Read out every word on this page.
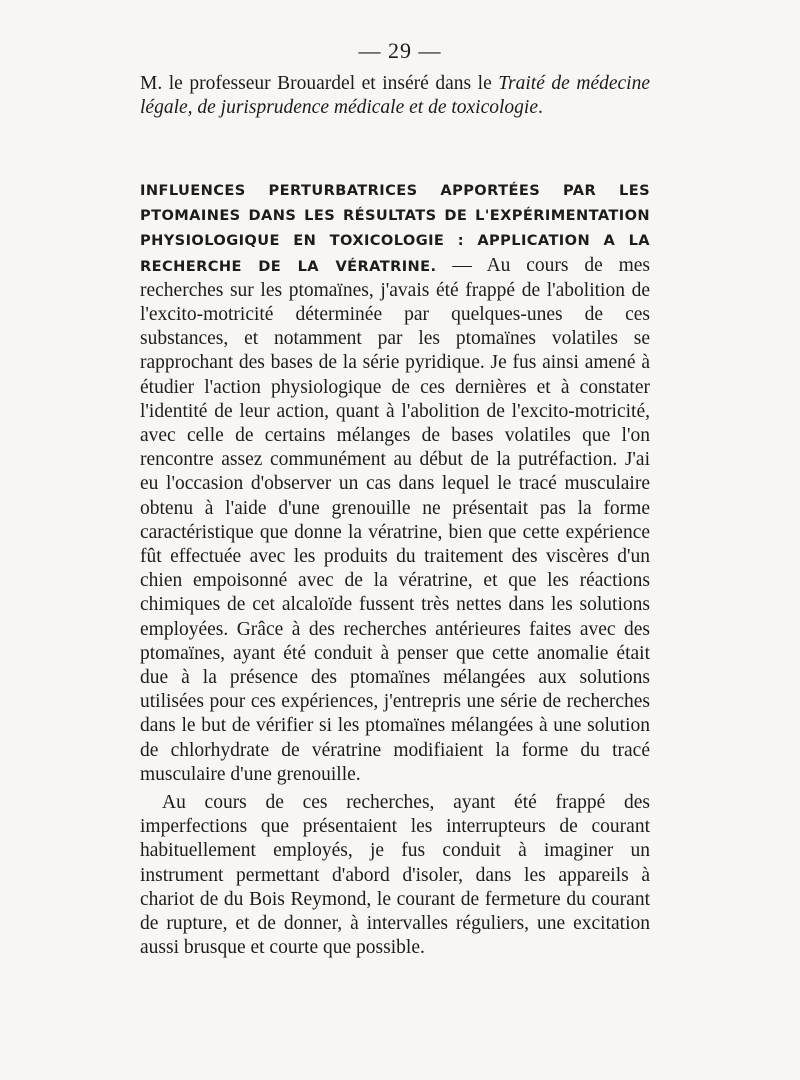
— 29 —
M. le professeur Brouardel et inséré dans le Traité de médecine légale, de jurisprudence médicale et de toxicologie.

INFLUENCES PERTURBATRICES APPORTÉES PAR LES PTOMAINES DANS LES RÉSULTATS DE L'EXPÉRIMENTATION PHYSIOLOGIQUE EN TOXICOLOGIE : APPLICATION A LA RECHERCHE DE LA VÉRATRINE. — Au cours de mes recherches sur les ptomaïnes, j'avais été frappé de l'abolition de l'excito-motricité déterminée par quelques-unes de ces substances, et notamment par les ptomaïnes volatiles se rapprochant des bases de la série pyridique. Je fus ainsi amené à étudier l'action physiologique de ces dernières et à constater l'identité de leur action, quant à l'abolition de l'excito-motricité, avec celle de certains mélanges de bases volatiles que l'on rencontre assez communément au début de la putréfaction. J'ai eu l'occasion d'observer un cas dans lequel le tracé musculaire obtenu à l'aide d'une grenouille ne présentait pas la forme caractéristique que donne la vératrine, bien que cette expérience fût effectuée avec les produits du traitement des viscères d'un chien empoisonné avec de la vératrine, et que les réactions chimiques de cet alcaloïde fussent très nettes dans les solutions employées. Grâce à des recherches antérieures faites avec des ptomaïnes, ayant été conduit à penser que cette anomalie était due à la présence des ptomaïnes mélangées aux solutions utilisées pour ces expériences, j'entrepris une série de recherches dans le but de vérifier si les ptomaïnes mélangées à une solution de chlorhydrate de vératrine modifiaient la forme du tracé musculaire d'une grenouille.

Au cours de ces recherches, ayant été frappé des imperfections que présentaient les interrupteurs de courant habituellement employés, je fus conduit à imaginer un instrument permettant d'abord d'isoler, dans les appareils à chariot de du Bois Reymond, le courant de fermeture du courant de rupture, et de donner, à intervalles réguliers, une excitation aussi brusque et courte que possible.
